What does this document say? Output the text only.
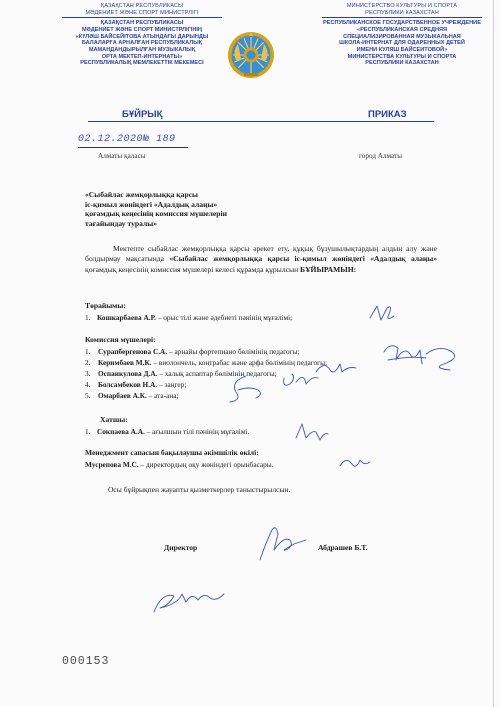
ҚАЗАҚСТАН РЕСПУБЛИКАСЫ
МӘДЕНИЕТ ЖӘНЕ СПОРТ МИНИСТРЛІГІ
ҚАЗАҚСТАН РЕСПУБЛИКАСЫ
МӘДЕНИЕТ ЖӘНЕ СПОРТ МИНИСТРЛІГІНІҢ
«КҮЛӘШ БАЙСЕЙІТОВА АТЫНДАҒЫ ДАРЫНДЫ
БАЛАЛАРҒА АРНАЛҒАН РЕСПУБЛИКАЛЫҚ
МАМАНДАНДЫРЫЛҒАН МУЗЫКАЛЫҚ
ОРТА МЕКТЕП-ИНТЕРНАТЫ»
РЕСПУБЛИКАЛЫҚ МЕМЛЕКЕТТІК МЕКЕМЕСІ
МИНИСТЕРСТВО КУЛЬТУРЫ И СПОРТА
РЕСПУБЛИКИ КАЗАХСТАН
РЕСПУБЛИКАНСКОЕ ГОСУДАРСТВЕННОЕ УЧРЕЖДЕНИЕ
«РЕСПУБЛИКАНСКАЯ СРЕДНЯЯ
СПЕЦИАЛИЗИРОВАННАЯ МУЗЫКАЛЬНАЯ
ШКОЛА-ИНТЕРНАТ ДЛЯ ОДАРЕННЫХ ДЕТЕЙ
ИМЕНИ КУЛЯШ БАЙСЕИТОВОЙ»
МИНИСТЕРСТВА КУЛЬТУРЫ И СПОРТА
РЕСПУБЛИКИ КАЗАХСТАН
БҰЙРЫҚ	ПРИКАЗ
02.12.2020№ 189
Алматы қаласы	город Алматы
«Сыбайлас жемқорлыққа қарсы
іс-қимыл жөніндегі «Адалдық алаңы»
қоғамдық кеңесінің комиссия мүшелерін
тағайындау туралы»
Мектепте сыбайлас жемқорлыққа қарсы әрекет ету, құқық бұзушылықтардың алдын алу және болдырмау мақсатында «Сыбайлас жемқорлыққа қарсы іс-қимыл жөніндегі «Адалдық алаңы» қоғамдық кеңесінің комиссия мүшелері келесі құрамда құрылсын БҰЙЫРАМЫН:
Төрайымы:
1. Кошкарбаева А.Р. – орыс тілі және әдебиеті пәнінің мұғалімі;
Комиссия мүшелері:
1. Сурапбергенова С.А. – арнайы фортепиано бөлімінің педагогы;
2. Керимбаев М.К. – виолончель, контрабас және арфа бөлімінің педагогы;
3. Оспанкулова Д.А. – халық аспаптар бөлімінің педагогы;
4. Болсамбеков Н.А. – заңгер;
5. Омарбаев А.К. – ата-ана;
Хатшы:
1. Сокпаева А.А. – ағылшын тілі пәнінің мұғалімі.
Менеджмент сапасын бақылаушы әкімшілік өкілі:
Мусрепова М.С. – директордың оқу жөніндегі орынбасары.
Осы бұйрықпен жауапты қызметкерлер таныстырылсын.
Директор	Абдрашев Б.Т.
000153
